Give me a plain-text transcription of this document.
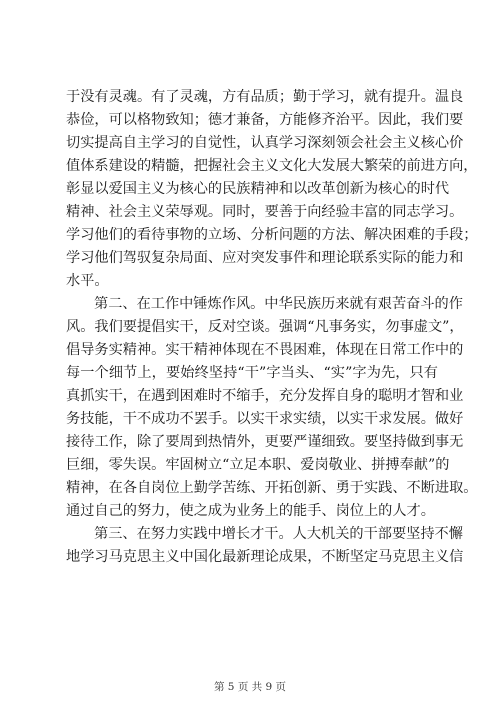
于没有灵魂。有了灵魂，方有品质；勤于学习，就有提升。温良
恭俭，可以格物致知；德才兼备，方能修齐治平。因此，我们要
切实提高自主学习的自觉性，认真学习深刻领会社会主义核心价
值体系建设的精髓，把握社会主义文化大发展大繁荣的前进方向，
彰显以爱国主义为核心的民族精神和以改革创新为核心的时代
精神、社会主义荣辱观。同时，要善于向经验丰富的同志学习。
学习他们的看待事物的立场、分析问题的方法、解决困难的手段；
学习他们驾驭复杂局面、应对突发事件和理论联系实际的能力和
水平。
第二、在工作中锤炼作风。中华民族历来就有艰苦奋斗的作
风。我们要提倡实干，反对空谈。强调“凡事务实，勿事虚文”，
倡导务实精神。实干精神体现在不畏困难，体现在日常工作中的
每一个细节上，要始终坚持“干”字当头、“实”字为先，只有
真抓实干，在遇到困难时不缩手，充分发挥自身的聪明才智和业
务技能，干不成功不罢手。以实干求实绩，以实干求发展。做好
接待工作，除了要周到热情外，更要严谨细致。要坚持做到事无
巨细，零失误。牢固树立“立足本职、爱岗敬业、拼搏奉献”的
精神，在各自岗位上勤学苦练、开拓创新、勇于实践、不断进取。
通过自己的努力，使之成为业务上的能手、岗位上的人才。
第三、在努力实践中增长才干。人大机关的干部要坚持不懈
地学习马克思主义中国化最新理论成果，不断坚定马克思主义信
第 5 页 共 9 页
